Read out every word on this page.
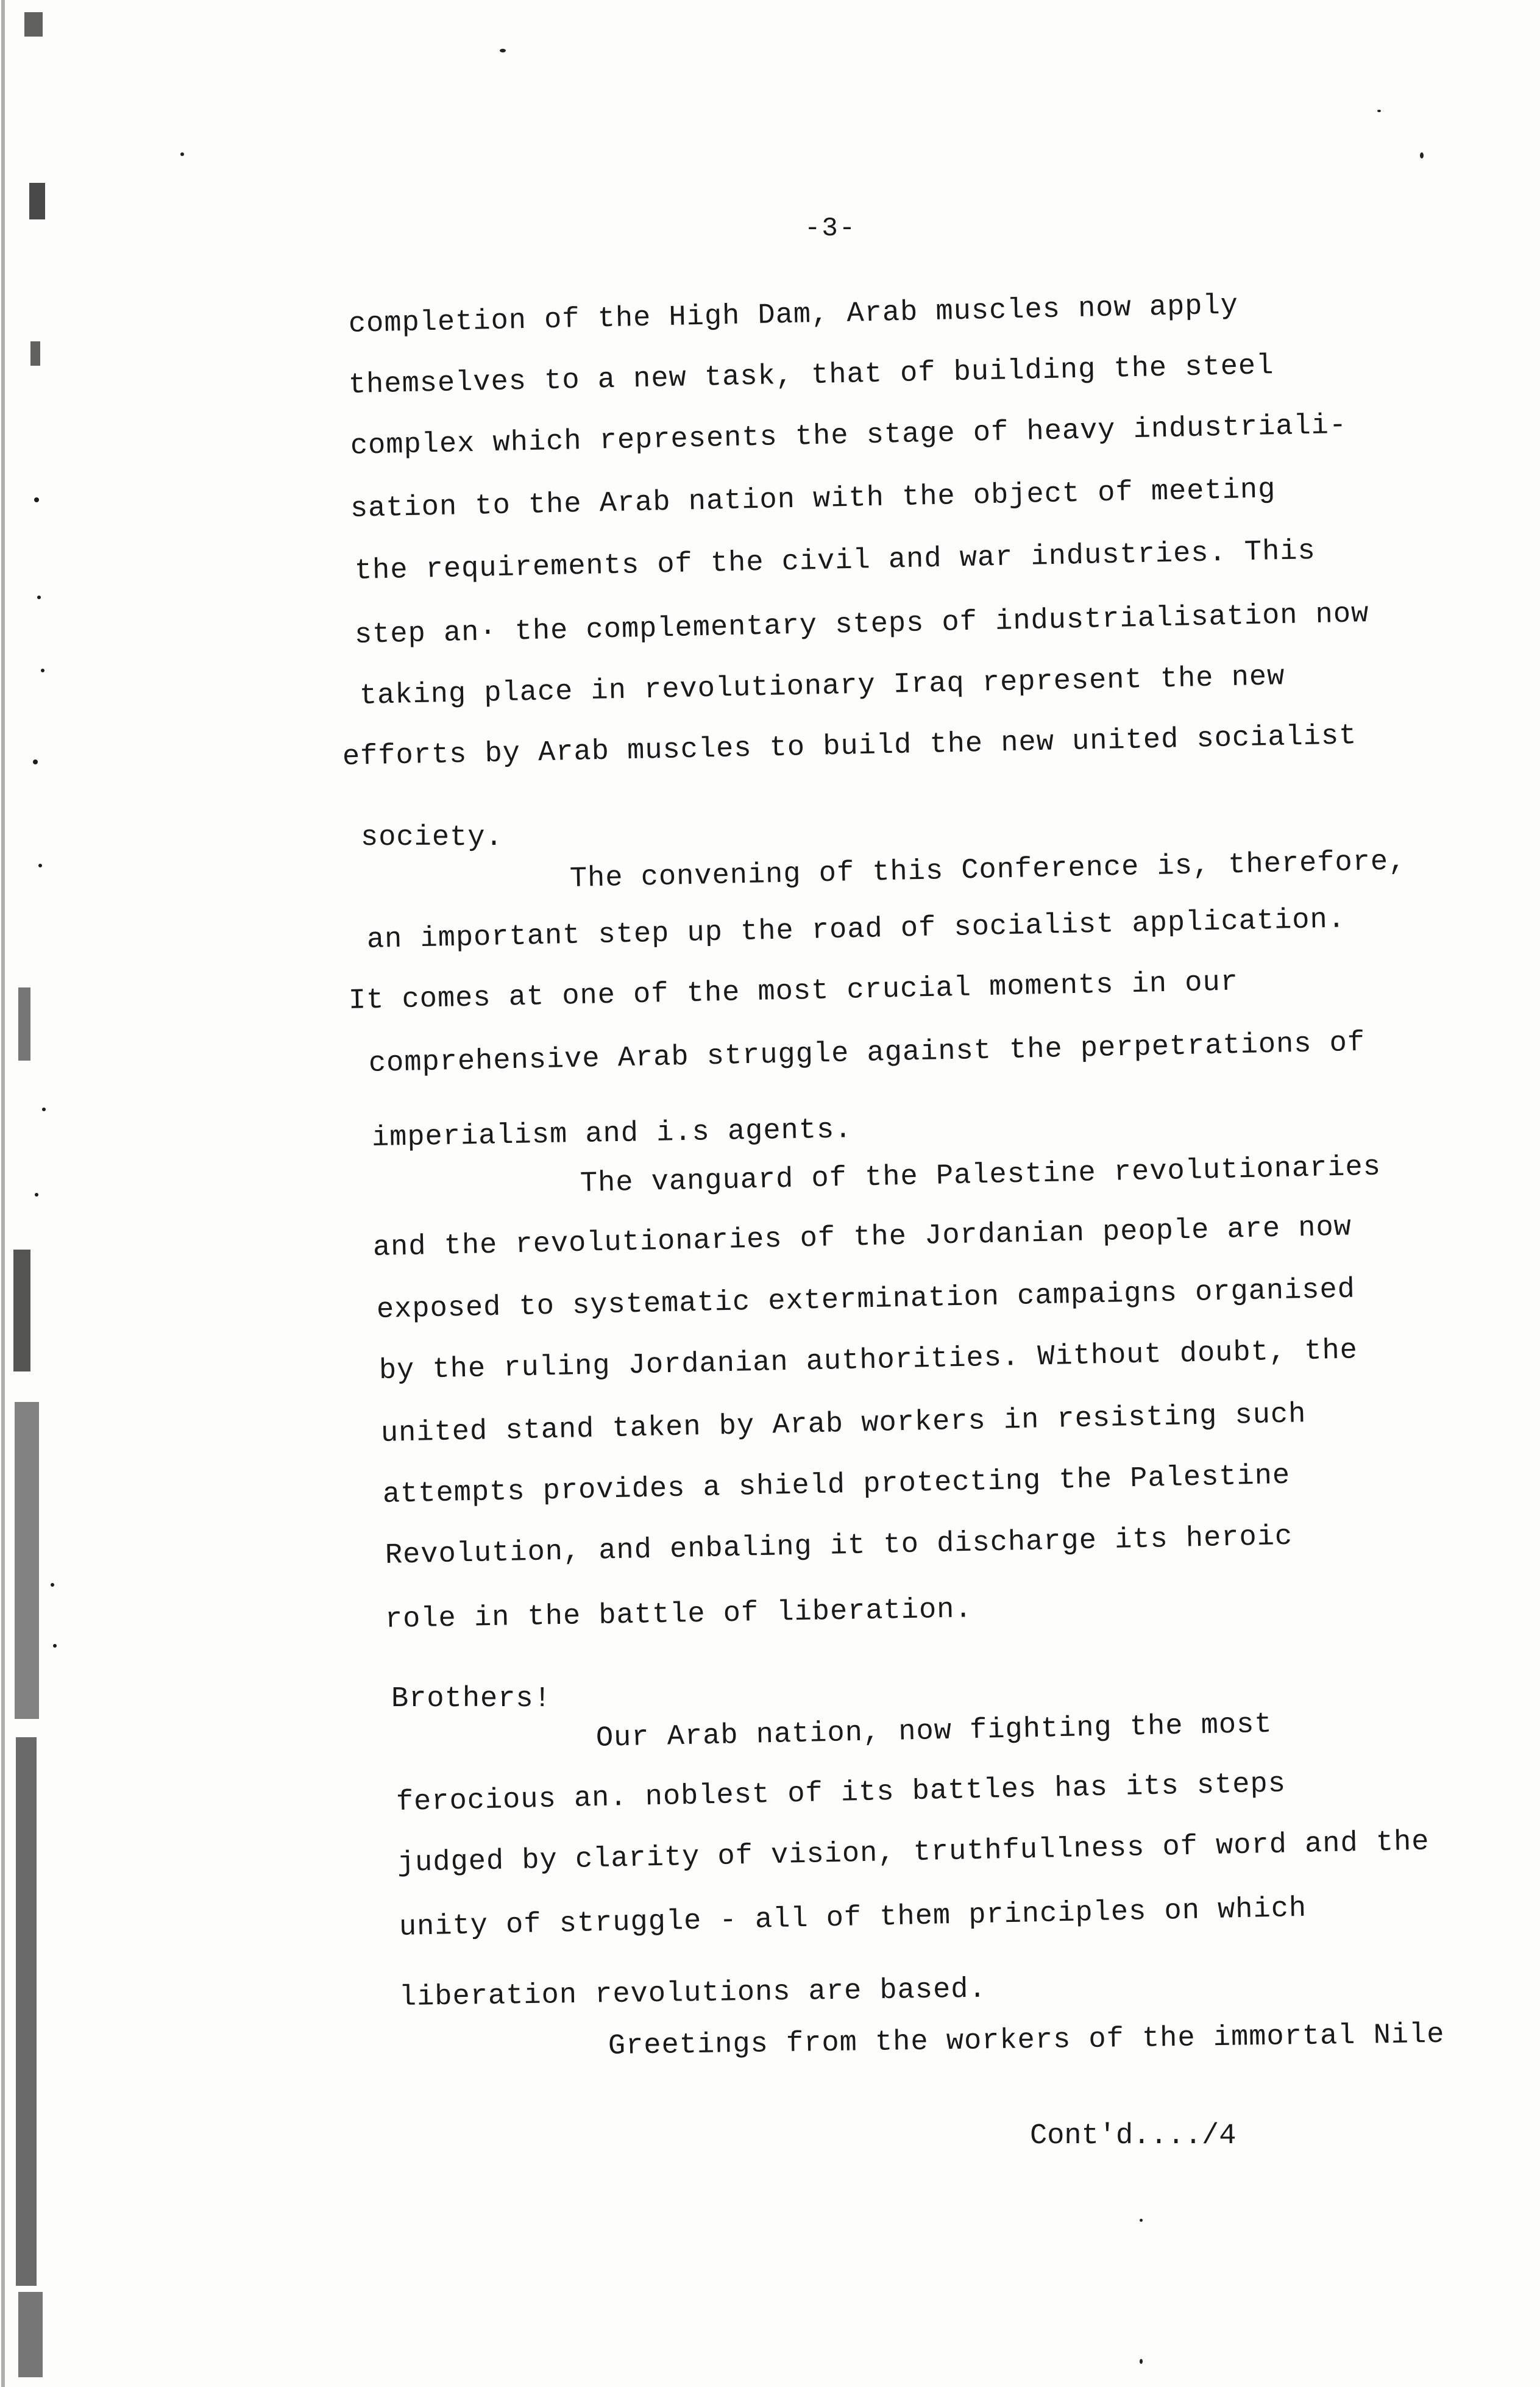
-3-
completion of the High Dam, Arab muscles now apply
themselves to a new task, that of building the steel
complex which represents the stage of heavy industriali-
sation to the Arab nation with the object of meeting
the requirements of the civil and war industries. This
step an· the complementary steps of industrialisation now
taking place in revolutionary Iraq represent the new
efforts by Arab muscles to build the new united socialist
society.
The convening of this Conference is, therefore,
an important step up the road of socialist application.
It comes at one of the most crucial moments in our
comprehensive Arab struggle against the perpetrations of
imperialism and i.s agents.
The vanguard of the Palestine revolutionaries
and the revolutionaries of the Jordanian people are now
exposed to systematic extermination campaigns organised
by the ruling Jordanian authorities. Without doubt, the
united stand taken by Arab workers in resisting such
attempts provides a shield protecting the Palestine
Revolution, and enbaling it to discharge its heroic
role in the battle of liberation.
Brothers!
Our Arab nation, now fighting the most
ferocious an. noblest of its battles has its steps
judged by clarity of vision, truthfullness of word and the
unity of struggle - all of them principles on which
liberation revolutions are based.
Greetings from the workers of the immortal Nile
Cont'd..../4
